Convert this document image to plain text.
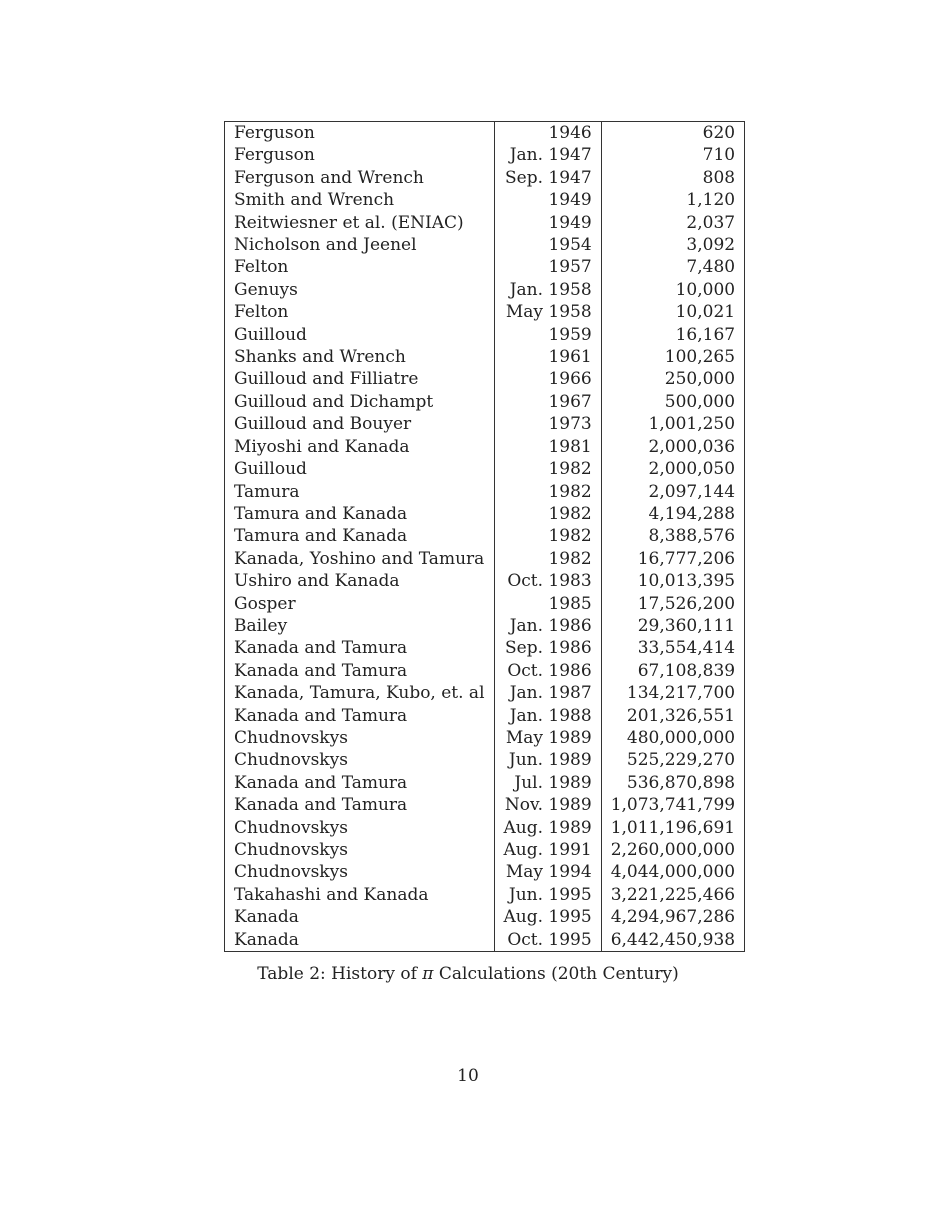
Ferguson	1946	620
Ferguson	Jan. 1947	710
Ferguson and Wrench	Sep. 1947	808
Smith and Wrench	1949	1,120
Reitwiesner et al. (ENIAC)	1949	2,037
Nicholson and Jeenel	1954	3,092
Felton	1957	7,480
Genuys	Jan. 1958	10,000
Felton	May 1958	10,021
Guilloud	1959	16,167
Shanks and Wrench	1961	100,265
Guilloud and Filliatre	1966	250,000
Guilloud and Dichampt	1967	500,000
Guilloud and Bouyer	1973	1,001,250
Miyoshi and Kanada	1981	2,000,036
Guilloud	1982	2,000,050
Tamura	1982	2,097,144
Tamura and Kanada	1982	4,194,288
Tamura and Kanada	1982	8,388,576
Kanada, Yoshino and Tamura	1982	16,777,206
Ushiro and Kanada	Oct. 1983	10,013,395
Gosper	1985	17,526,200
Bailey	Jan. 1986	29,360,111
Kanada and Tamura	Sep. 1986	33,554,414
Kanada and Tamura	Oct. 1986	67,108,839
Kanada, Tamura, Kubo, et. al	Jan. 1987	134,217,700
Kanada and Tamura	Jan. 1988	201,326,551
Chudnovskys	May 1989	480,000,000
Chudnovskys	Jun. 1989	525,229,270
Kanada and Tamura	Jul. 1989	536,870,898
Kanada and Tamura	Nov. 1989	1,073,741,799
Chudnovskys	Aug. 1989	1,011,196,691
Chudnovskys	Aug. 1991	2,260,000,000
Chudnovskys	May 1994	4,044,000,000
Takahashi and Kanada	Jun. 1995	3,221,225,466
Kanada	Aug. 1995	4,294,967,286
Kanada	Oct. 1995	6,442,450,938
Table 2: History of π Calculations (20th Century)
10
